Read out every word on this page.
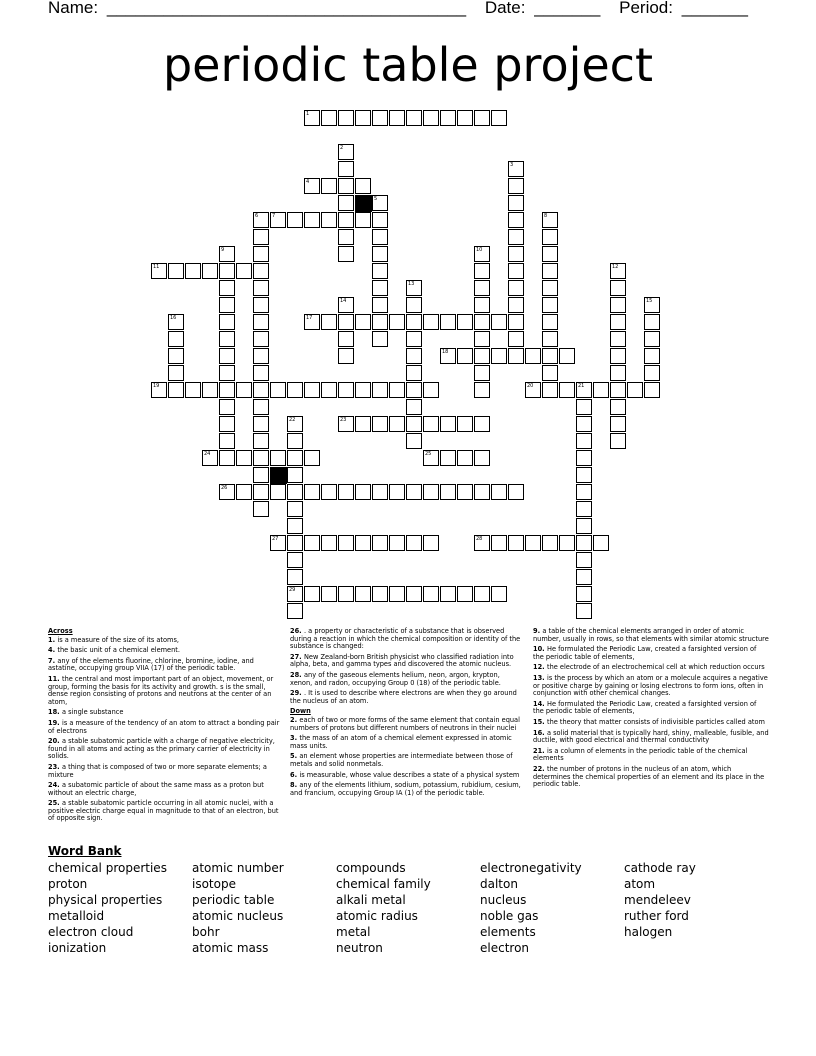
Name: ______________________________________ Date: _______ Period: _______
periodic table project
1
4
7
11
17
18
19	20	21
23
24	25
26
27	28
29
2
3
5
6	8
9	10
12
13
14	15
16
22
Across

1. is a measure of the size of its atoms,

4. the basic unit of a chemical element.

7. any of the elements fluorine, chlorine, bromine, iodine, and astatine, occupying group VIIA (17) of the periodic table.

11. the central and most important part of an object, movement, or group, forming the basis for its activity and growth. s is the small, dense region consisting of protons and neutrons at the center of an atom,

18. a single substance

19. is a measure of the tendency of an atom to attract a bonding pair of electrons

20. a stable subatomic particle with a charge of negative electricity, found in all atoms and acting as the primary carrier of electricity in solids.

23. a thing that is composed of two or more separate elements; a mixture

24. a subatomic particle of about the same mass as a proton but without an electric charge,

25. a stable subatomic particle occurring in all atomic nuclei, with a positive electric charge equal in magnitude to that of an electron, but of opposite sign.

26. . a property or characteristic of a substance that is observed during a reaction in which the chemical composition or identity of the substance is changed:

27. New Zealand-born British physicist who classified radiation into alpha, beta, and gamma types and discovered the atomic nucleus.

28. any of the gaseous elements helium, neon, argon, krypton, xenon, and radon, occupying Group 0 (18) of the periodic table.

29. . It is used to describe where electrons are when they go around the nucleus of an atom.

Down

2. each of two or more forms of the same element that contain equal numbers of protons but different numbers of neutrons in their nuclei

3. the mass of an atom of a chemical element expressed in atomic mass units.

5. an element whose properties are intermediate between those of metals and solid nonmetals.

6. is measurable, whose value describes a state of a physical system

8. any of the elements lithium, sodium, potassium, rubidium, cesium, and francium, occupying Group IA (1) of the periodic table.

9. a table of the chemical elements arranged in order of atomic number, usually in rows, so that elements with similar atomic structure

10. He formulated the Periodic Law, created a farsighted version of the periodic table of elements,

12. the electrode of an electrochemical cell at which reduction occurs

13. is the process by which an atom or a molecule acquires a negative or positive charge by gaining or losing electrons to form ions, often in conjunction with other chemical changes.

14. He formulated the Periodic Law, created a farsighted version of the periodic table of elements,

15. the theory that matter consists of indivisible particles called atom

16. a solid material that is typically hard, shiny, malleable, fusible, and ductile, with good electrical and thermal conductivity

21. is a column of elements in the periodic table of the chemical elements

22. the number of protons in the nucleus of an atom, which determines the chemical properties of an element and its place in the periodic table.

Word Bank
chemical properties	atomic number	compounds	electronegativity	cathode ray
proton	isotope	chemical family	dalton	atom
physical properties	periodic table	alkali metal	nucleus	mendeleev
metalloid	atomic nucleus	atomic radius	noble gas	ruther ford
electron cloud	bohr	metal	elements	halogen
ionization	atomic mass	neutron	electron
